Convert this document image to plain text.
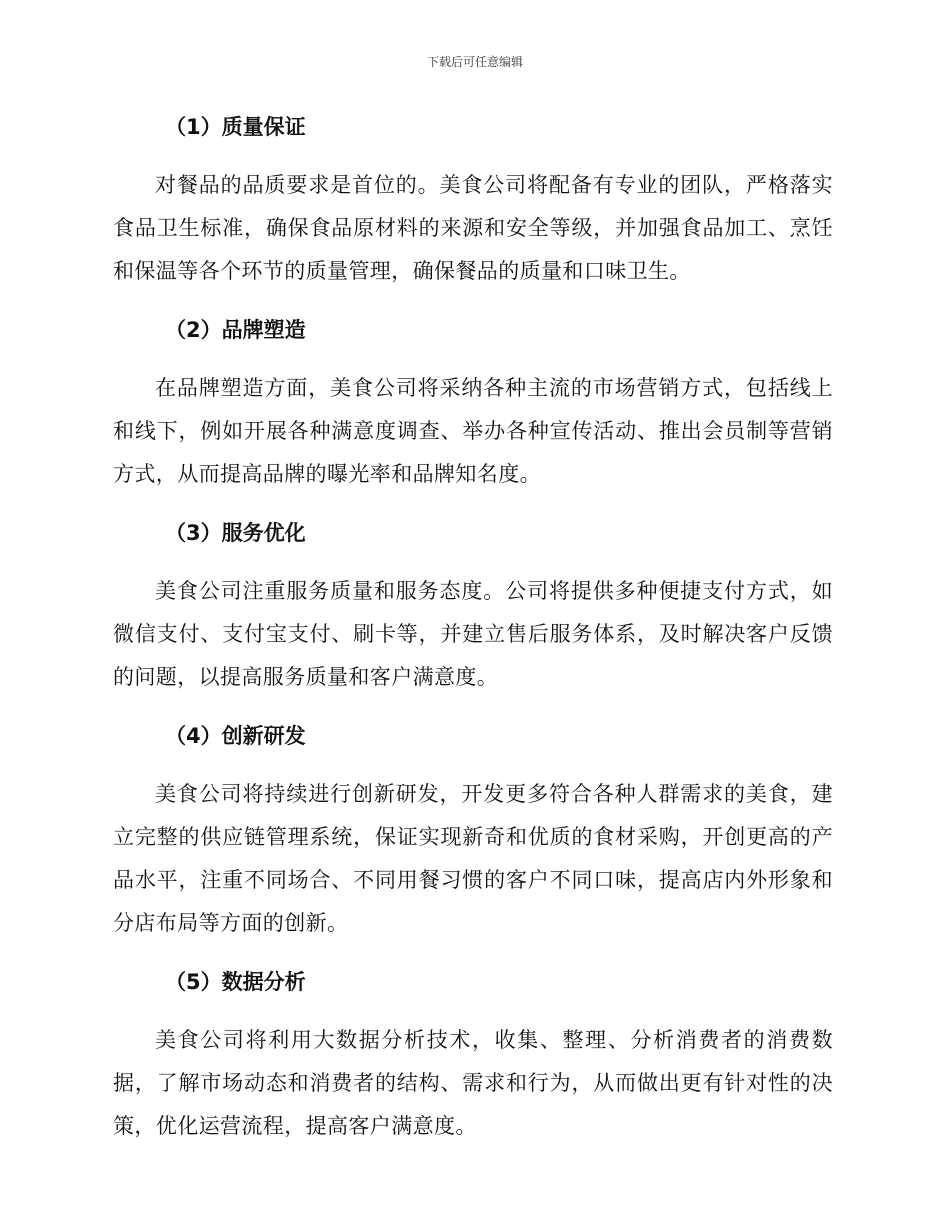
下载后可任意编辑
（1）质量保证

对餐品的品质要求是首位的。美食公司将配备有专业的团队，严格落实食品卫生标准，确保食品原材料的来源和安全等级，并加强食品加工、烹饪和保温等各个环节的质量管理，确保餐品的质量和口味卫生。

（2）品牌塑造

在品牌塑造方面，美食公司将采纳各种主流的市场营销方式，包括线上和线下，例如开展各种满意度调查、举办各种宣传活动、推出会员制等营销方式，从而提高品牌的曝光率和品牌知名度。

（3）服务优化

美食公司注重服务质量和服务态度。公司将提供多种便捷支付方式，如微信支付、支付宝支付、刷卡等，并建立售后服务体系，及时解决客户反馈的问题，以提高服务质量和客户满意度。

（4）创新研发

美食公司将持续进行创新研发，开发更多符合各种人群需求的美食，建立完整的供应链管理系统，保证实现新奇和优质的食材采购，开创更高的产品水平，注重不同场合、不同用餐习惯的客户不同口味，提高店内外形象和分店布局等方面的创新。

（5）数据分析

美食公司将利用大数据分析技术，收集、整理、分析消费者的消费数据，了解市场动态和消费者的结构、需求和行为，从而做出更有针对性的决策，优化运营流程，提高客户满意度。
